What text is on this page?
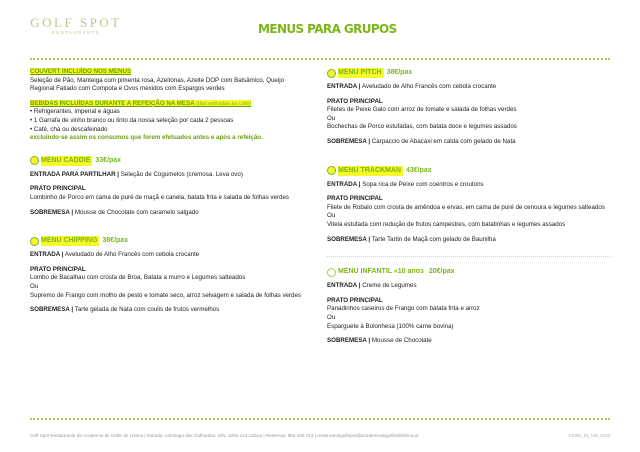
GOLF SPOT
RESTAURANTE	MENUS PARA GRUPOS
COUVERT INCLUÍDO NOS MENUS
Seleção de Pão, Manteiga com pimenta rosa, Azeitonas, Azeite DOP com Balsâmico, Queijo Regional Fatiado com Compota e Ovos mexidos com Espargos verdes
BEBIDAS INCLUÍDAS DURANTE A REFEIÇÃO NA MESA (das entradas ao café)
• Refrigerantes, imperial e águas
• 1 Garrafa de vinho branco ou tinto da nossa seleção por cada 2 pessoas
• Café, chá ou descafeinado
excluindo-se assim os consumos que forem efetuados antes e após a refeição.
MENU CADDIE 33€/pax
ENTRADA PARA PARTILHAR | Seleção de Cogumelos (cremosa. Leva ovo)
PRATO PRINCIPAL
Lombinho de Porco em cama de puré de maçã e canela, batata frita e salada de folhas verdes
SOBREMESA | Mousse de Chocolate com caramelo salgado
MENU CHIPPING 38€/pax
ENTRADA | Aveludado de Alho Francês com cebola crocante
PRATO PRINCIPAL
Lombo de Bacalhau com crosta de Broa, Batata a murro e Legumes salteados
Ou
Supremo de Frango com molho de pesto e tomate seco, arroz selvagem e salada de folhas verdes
SOBREMESA | Tarte gelada de Nata com coulis de frutos vermelhos
MENU PITCH 38€/pax
ENTRADA | Aveludado de Alho Francês com cebola crocante
PRATO PRINCIPAL
Filetes de Peixe Galo com arroz de tomate e salada de folhas verdes
Ou
Bochechas de Porco estufadas, com batata doce e legumes assados
SOBREMESA | Carpaccio de Abacaxi em calda com gelado de Nata
MENU TRACKMAN 43€/pax
ENTRADA | Sopa rica de Peixe com coentros e croutons
PRATO PRINCIPAL
Filete de Robalo com crosta de amêndoa e ervas, em cama de puré de cenoura e legumes salteados
Ou
Vitela estufada com redução de frutos campestres, com batatinhas e legumes assados
SOBREMESA | Tarte Tartin de Maçã com gelado de Baunilha
MENU INFANTIL «10 anos 20€/pax
ENTRADA | Creme de Legumes
PRATO PRINCIPAL
Panadinhos caseiros de Frango com batata frita e arroz
Ou
Esparguete à Bolonhesa (100% carne bovina)
SOBREMESA | Mousse de Chocolate
Golf Spot Restaurante da Academia de Golfe de Lisboa | Morada: Azinhaga das Galhardas, S/N, 1600-213 Lisboa | Reservas: 965 340 713 | restaurantegolfspot@academiadegolfedelisboa.pt	GS001_01_V02_0123
